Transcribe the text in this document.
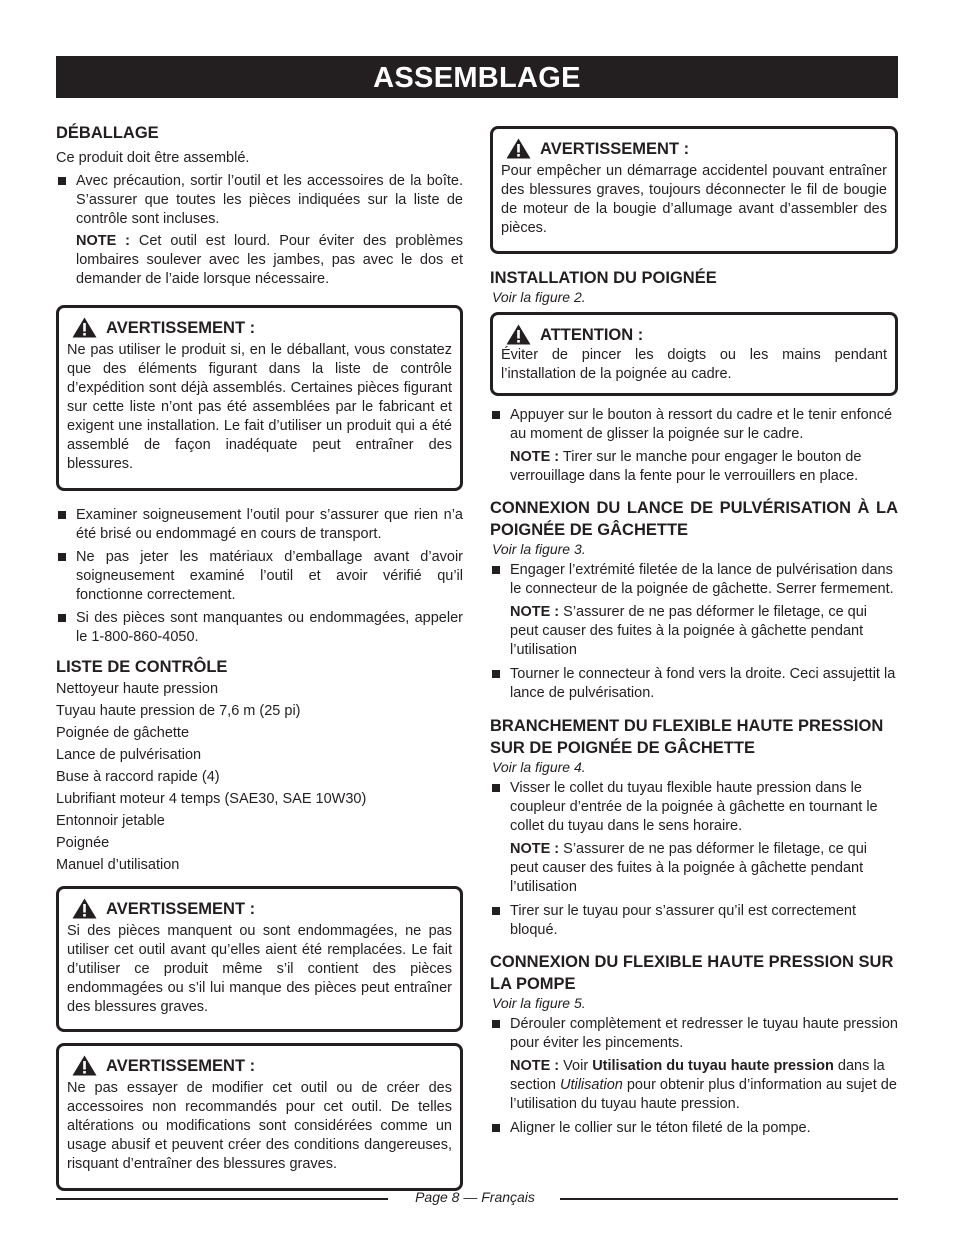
ASSEMBLAGE
DÉBALLAGE

Ce produit doit être assemblé.

Avec précaution, sortir l’outil et les accessoires de la boîte. S’assurer que toutes les pièces indiquées sur la liste de contrôle sont incluses.

NOTE : Cet outil est lourd. Pour éviter des problèmes lombaires soulever avec les jambes, pas avec le dos et demander de l’aide lorsque nécessaire.

AVERTISSEMENT :

Ne pas utiliser le produit si, en le déballant, vous constatez que des éléments figurant dans la liste de contrôle d’expédition sont déjà assemblés. Certaines pièces figurant sur cette liste n’ont pas été assemblées par le fabricant et exigent une installation. Le fait d’utiliser un produit qui a été assemblé de façon inadéquate peut entraîner des blessures.

Examiner soigneusement l’outil pour s’assurer que rien n’a été brisé ou endommagé en cours de transport.

Ne pas jeter les matériaux d’emballage avant d’avoir soigneusement examiné l’outil et avoir vérifié qu’il fonctionne correctement.

Si des pièces sont manquantes ou endommagées, appeler le 1-800-860-4050.

LISTE DE CONTRÔLE

Nettoyeur haute pression

Tuyau haute pression de 7,6 m (25 pi)

Poignée de gâchette

Lance de pulvérisation

Buse à raccord rapide (4)

Lubrifiant moteur 4 temps (SAE30, SAE 10W30)

Entonnoir jetable

Poignée

Manuel d’utilisation

AVERTISSEMENT :

Si des pièces manquent ou sont endommagées, ne pas utiliser cet outil avant qu’elles aient été remplacées. Le fait d’utiliser ce produit même s’il contient des pièces endommagées ou s’il lui manque des pièces peut entraîner des blessures graves.

AVERTISSEMENT :

Ne pas essayer de modifier cet outil ou de créer des accessoires non recommandés pour cet outil. De telles altérations ou modifications sont considérées comme un usage abusif et peuvent créer des conditions dangereuses, risquant d’entraîner des blessures graves.

AVERTISSEMENT :

Pour empêcher un démarrage accidentel pouvant entraîner des blessures graves, toujours déconnecter le fil de bougie de moteur de la bougie d’allumage avant d’assembler des pièces.

INSTALLATION DU POIGNÉE

Voir la figure 2.

ATTENTION :

Éviter de pincer les doigts ou les mains pendant l’installation de la poignée au cadre.

Appuyer sur le bouton à ressort du cadre et le tenir enfoncé au moment de glisser la poignée sur le cadre.

NOTE : Tirer sur le manche pour engager le bouton de verrouillage dans la fente pour le verrouillers en place.

CONNEXION DU LANCE DE PULVÉRISATION À LA POIGNÉE DE GÂCHETTE

Voir la figure 3.

Engager l’extrémité filetée de la lance de pulvérisation dans le connecteur de la poignée de gâchette. Serrer fermement.

NOTE : S’assurer de ne pas déformer le filetage, ce qui peut causer des fuites à la poignée à gâchette pendant l’utilisation

Tourner le connecteur à fond vers la droite. Ceci assujettit la lance de pulvérisation.

BRANCHEMENT DU FLEXIBLE HAUTE PRESSION SUR DE POIGNÉE DE GÂCHETTE

Voir la figure 4.

Visser le collet du tuyau flexible haute pression dans le coupleur d’entrée de la poignée à gâchette en tournant le collet du tuyau dans le sens horaire.

NOTE : S’assurer de ne pas déformer le filetage, ce qui peut causer des fuites à la poignée à gâchette pendant l’utilisation

Tirer sur le tuyau pour s’assurer qu’il est correctement bloqué.

CONNEXION DU FLEXIBLE HAUTE PRESSION SUR LA POMPE

Voir la figure 5.

Dérouler complètement et redresser le tuyau haute pression pour éviter les pincements.

NOTE : Voir Utilisation du tuyau haute pression dans la section Utilisation pour obtenir plus d’information au sujet de l’utilisation du tuyau haute pression.

Aligner le collier sur le téton fileté de la pompe.

Page 8 — Français
